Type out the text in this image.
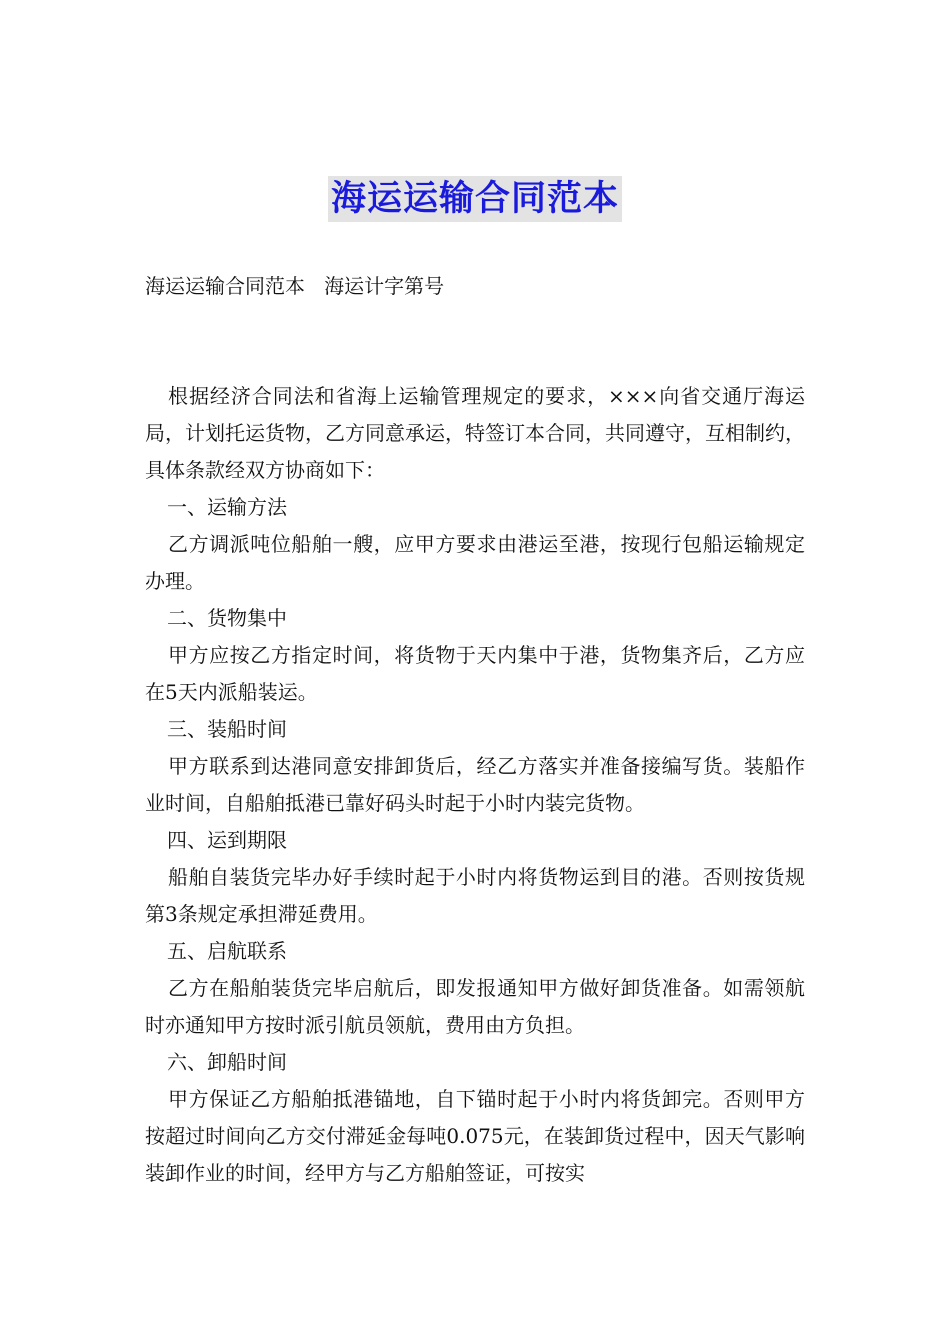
海运运输合同范本
海运运输合同范本   海运计字第号

根据经济合同法和省海上运输管理规定的要求，×××向省交通厅海运局，计划托运货物，乙方同意承运，特签订本合同，共同遵守，互相制约，具体条款经双方协商如下：

一、运输方法

乙方调派吨位船舶一艘，应甲方要求由港运至港，按现行包船运输规定办理。

二、货物集中

甲方应按乙方指定时间，将货物于天内集中于港，货物集齐后，乙方应在5天内派船装运。

三、装船时间

甲方联系到达港同意安排卸货后，经乙方落实并准备接编写货。装船作业时间，自船舶抵港已靠好码头时起于小时内装完货物。

四、运到期限

船舶自装货完毕办好手续时起于小时内将货物运到目的港。否则按货规第3条规定承担滞延费用。

五、启航联系

乙方在船舶装货完毕启航后，即发报通知甲方做好卸货准备。如需领航时亦通知甲方按时派引航员领航，费用由方负担。

六、卸船时间

甲方保证乙方船舶抵港锚地，自下锚时起于小时内将货卸完。否则甲方按超过时间向乙方交付滞延金每吨0.075元，在装卸货过程中，因天气影响装卸作业的时间，经甲方与乙方船舶签证，可按实
